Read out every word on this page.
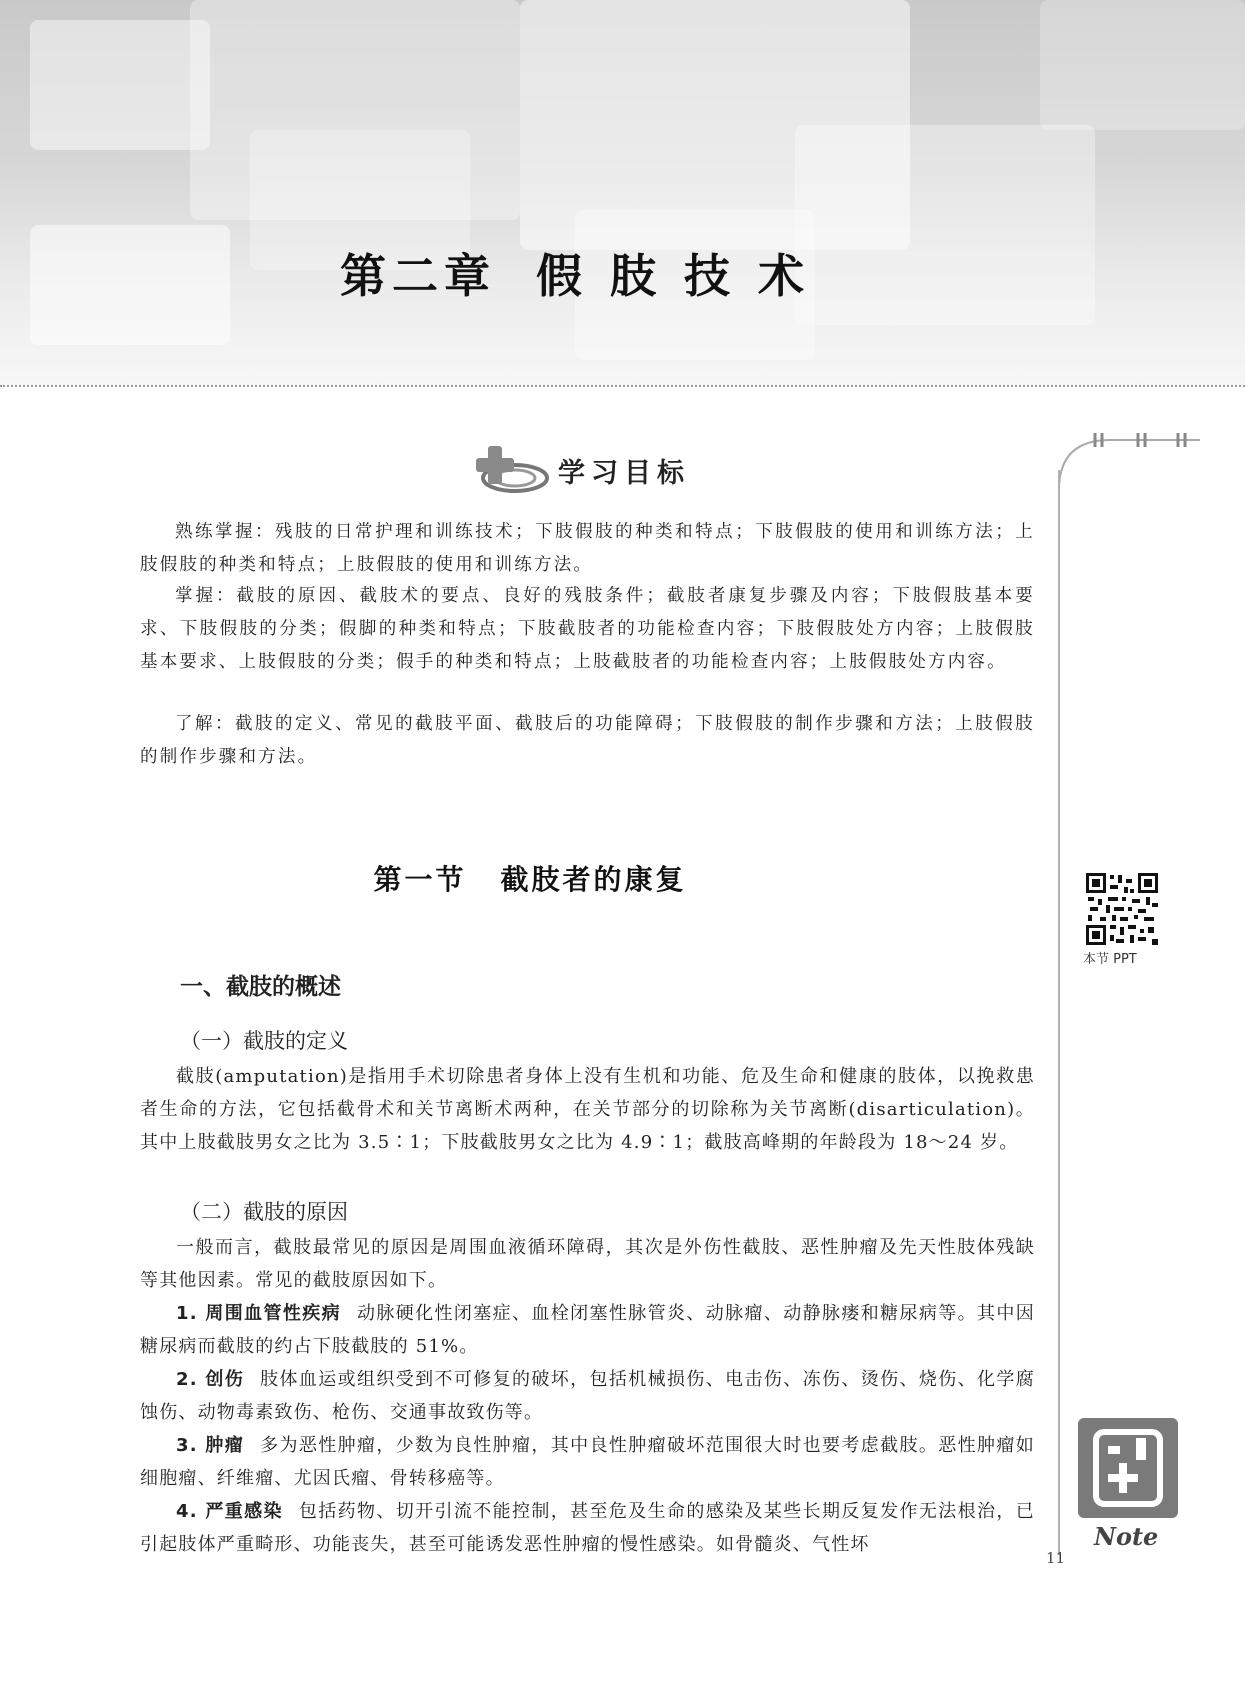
第二章 假 肢 技 术
学习目标

熟练掌握：残肢的日常护理和训练技术；下肢假肢的种类和特点；下肢假肢的使用和训练方法；上肢假肢的种类和特点；上肢假肢的使用和训练方法。

掌握：截肢的原因、截肢术的要点、良好的残肢条件；截肢者康复步骤及内容；下肢假肢基本要求、下肢假肢的分类；假脚的种类和特点；下肢截肢者的功能检查内容；下肢假肢处方内容；上肢假肢基本要求、上肢假肢的分类；假手的种类和特点；上肢截肢者的功能检查内容；上肢假肢处方内容。

了解：截肢的定义、常见的截肢平面、截肢后的功能障碍；下肢假肢的制作步骤和方法；上肢假肢的制作步骤和方法。

第一节 截肢者的康复
本节 PPT
一、截肢的概述
（一）截肢的定义

截肢(amputation)是指用手术切除患者身体上没有生机和功能、危及生命和健康的肢体，以挽救患者生命的方法，它包括截骨术和关节离断术两种，在关节部分的切除称为关节离断(disarticulation)。其中上肢截肢男女之比为 3.5∶1；下肢截肢男女之比为 4.9∶1；截肢高峰期的年龄段为 18～24 岁。

（二）截肢的原因

一般而言，截肢最常见的原因是周围血液循环障碍，其次是外伤性截肢、恶性肿瘤及先天性肢体残缺等其他因素。常见的截肢原因如下。

1. 周围血管性疾病 动脉硬化性闭塞症、血栓闭塞性脉管炎、动脉瘤、动静脉瘘和糖尿病等。其中因糖尿病而截肢的约占下肢截肢的 51%。

2. 创伤 肢体血运或组织受到不可修复的破坏，包括机械损伤、电击伤、冻伤、烫伤、烧伤、化学腐蚀伤、动物毒素致伤、枪伤、交通事故致伤等。

3. 肿瘤 多为恶性肿瘤，少数为良性肿瘤，其中良性肿瘤破坏范围很大时也要考虑截肢。恶性肿瘤如细胞瘤、纤维瘤、尤因氏瘤、骨转移癌等。

4. 严重感染 包括药物、切开引流不能控制，甚至危及生命的感染及某些长期反复发作无法根治，已引起肢体严重畸形、功能丧失，甚至可能诱发恶性肿瘤的慢性感染。如骨髓炎、气性坏	Note
11
